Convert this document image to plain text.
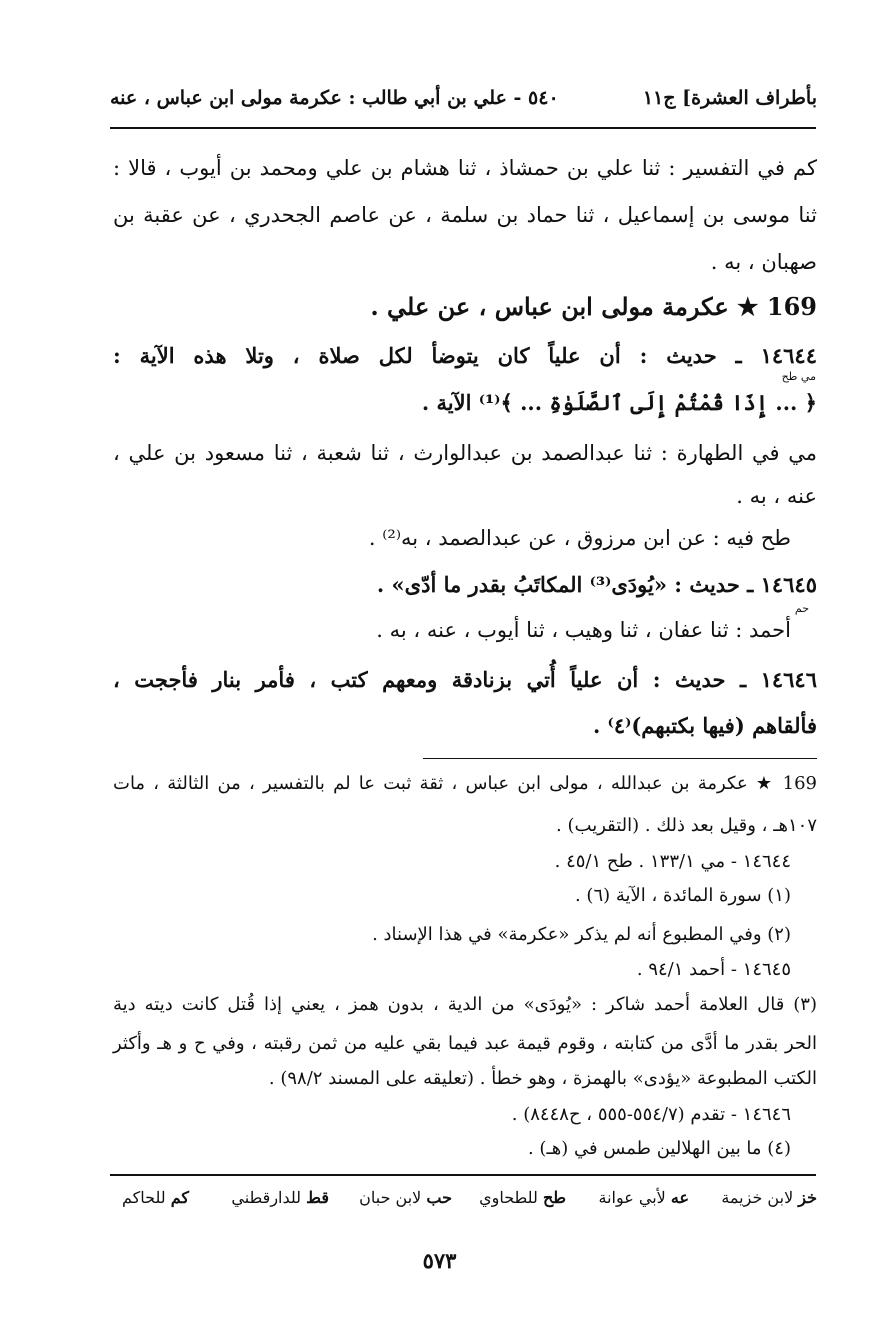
بأطراف العشرة] ج١١
٥٤٠ - علي بن أبي طالب : عكرمة مولى ابن عباس ، عنه
كم في التفسير : ثنا علي بن حمشاذ ، ثنا هشام بن علي ومحمد بن أيوب ، قالا :
ثنا موسى بن إسماعيل ، ثنا حماد بن سلمة ، عن عاصم الجحدري ، عن عقبة بن
صهبان ، به .
169 ★ عكرمة مولى ابن عباس ، عن علي .
١٤٦٤٤ ـ حديث : أن علياً كان يتوضأ لكل صلاة ، وتلا هذه الآية :
مي طح
﴿ ... إِذَا قُمْتُمْ إِلَى ٱلصَّلَوٰةِ ... ﴾⁽¹⁾ الآية .
مي في الطهارة : ثنا عبدالصمد بن عبدالوارث ، ثنا شعبة ، ثنا مسعود بن علي ،
عنه ، به .
طح فيه : عن ابن مرزوق ، عن عبدالصمد ، به⁽²⁾ .
١٤٦٤٥ ـ حديث : «يُودَى⁽³⁾ المكاتَبُ بقدر ما أدّى» .
حم
أحمد : ثنا عفان ، ثنا وهيب ، ثنا أيوب ، عنه ، به .
١٤٦٤٦ ـ حديث : أن علياً أُتي بزنادقة ومعهم كتب ، فأمر بنار فأججت ،
فألقاهم (فيها بكتبهم)⁽٤⁾ .
169 ★ عكرمة بن عبدالله ، مولى ابن عباس ، ثقة ثبت عا لم بالتفسير ، من الثالثة ، مات
١٠٧هـ ، وقيل بعد ذلك . (التقريب) .
١٤٦٤٤ - مي ١٣٣/١ . طح ٤٥/١ .
(١) سورة المائدة ، الآية (٦) .
(٢) وفي المطبوع أنه لم يذكر «عكرمة» في هذا الإسناد .
١٤٦٤٥ - أحمد ٩٤/١ .
(٣) قال العلامة أحمد شاكر : «يُودَى» من الدية ، بدون همز ، يعني إذا قُتل كانت ديته دية
الحر بقدر ما أدَّى من كتابته ، وقوم قيمة عبد فيما بقي عليه من ثمن رقبته ، وفي ح و هـ وأكثر
الكتب المطبوعة «يؤدى» بالهمزة ، وهو خطأ . (تعليقه على المسند ٩٨/٢) .
١٤٦٤٦ - تقدم (٥٥٤/٧-٥٥٥ ، ح٨٤٤٨) .
(٤) ما بين الهلالين طمس في (هـ) .
خز لابن خزيمة
عه لأبي عوانة
طح للطحاوي
حب لابن حبان
قط للدارقطني
كم للحاكم
٥٧٣
